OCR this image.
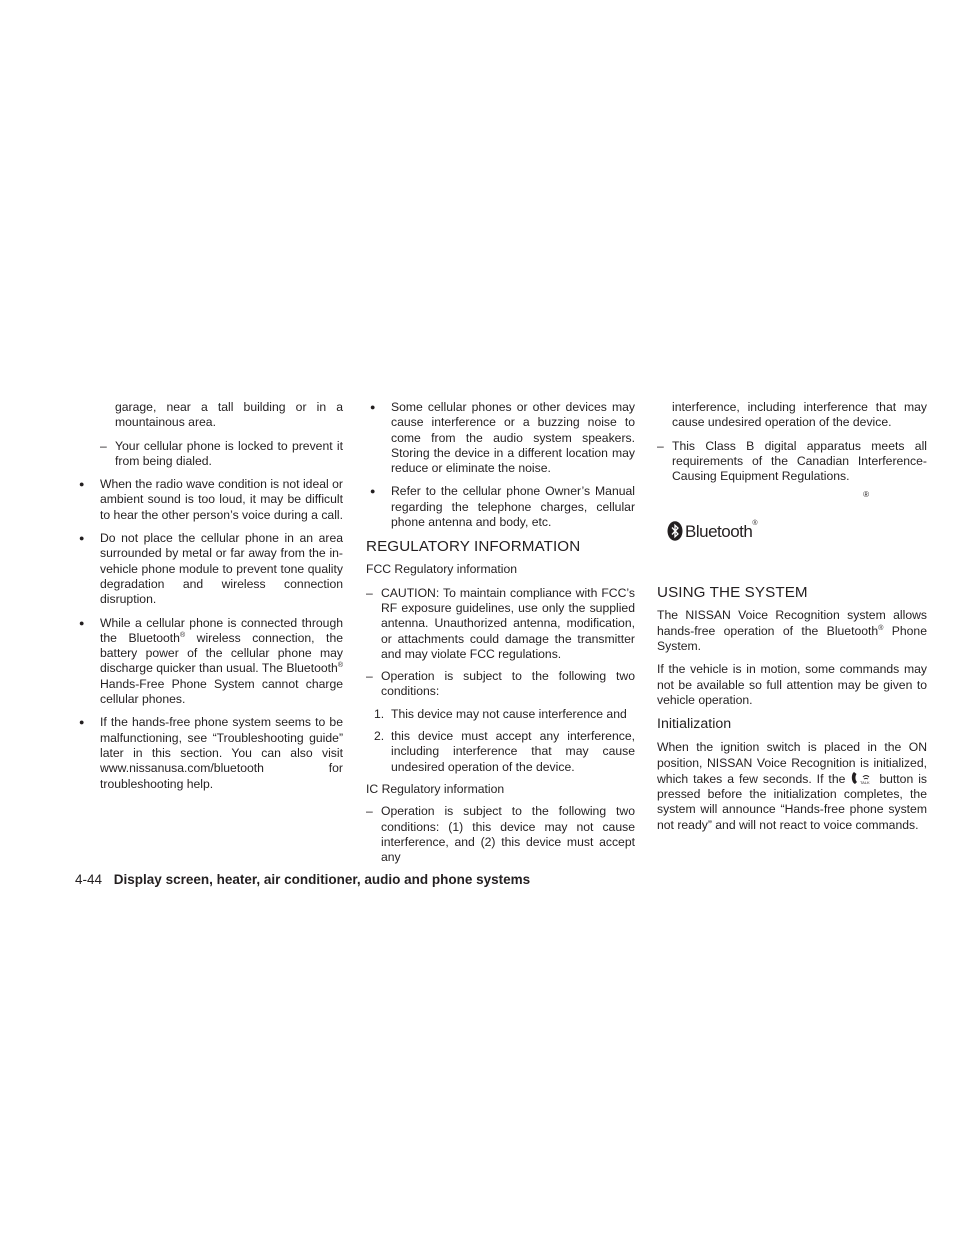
garage, near a tall building or in a mountainous area.
– Your cellular phone is locked to prevent it from being dialed.
● When the radio wave condition is not ideal or ambient sound is too loud, it may be difficult to hear the other person’s voice during a call.
● Do not place the cellular phone in an area surrounded by metal or far away from the in-vehicle phone module to prevent tone quality degradation and wireless connection disruption.
● While a cellular phone is connected through the Bluetooth® wireless connection, the battery power of the cellular phone may discharge quicker than usual. The Bluetooth® Hands-Free Phone System cannot charge cellular phones.
● If the hands-free phone system seems to be malfunctioning, see “Troubleshooting guide” later in this section. You can also visit www.nissanusa.com/bluetooth for troubleshooting help.
● Some cellular phones or other devices may cause interference or a buzzing noise to come from the audio system speakers. Storing the device in a different location may reduce or eliminate the noise.
● Refer to the cellular phone Owner’s Manual regarding the telephone charges, cellular phone antenna and body, etc.
REGULATORY INFORMATION

FCC Regulatory information

– CAUTION: To maintain compliance with FCC’s RF exposure guidelines, use only the supplied antenna. Unauthorized antenna, modification, or attachments could damage the transmitter and may violate FCC regulations.
– Operation is subject to the following two conditions:
1. This device may not cause interference and
2. this device must accept any interference, including interference that may cause undesired operation of the device.

IC Regulatory information

– Operation is subject to the following two conditions: (1) this device may not cause interference, and (2) this device must accept any
interference, including interference that may cause undesired operation of the device.
– This Class B digital apparatus meets all requirements of the Canadian Interference-Causing Equipment Regulations.
®
Bluetooth®
USING THE SYSTEM

The NISSAN Voice Recognition system allows hands-free operation of the Bluetooth® Phone System.

If the vehicle is in motion, some commands may not be available so full attention may be given to vehicle operation.

Initialization

When the ignition switch is placed in the ON position, NISSAN Voice Recognition is initialized, which takes a few seconds. If the	TALK button is pressed before the initialization completes, the system will announce “Hands-free phone system not ready” and will not react to voice commands.

4-44 Display screen, heater, air conditioner, audio and phone systems
